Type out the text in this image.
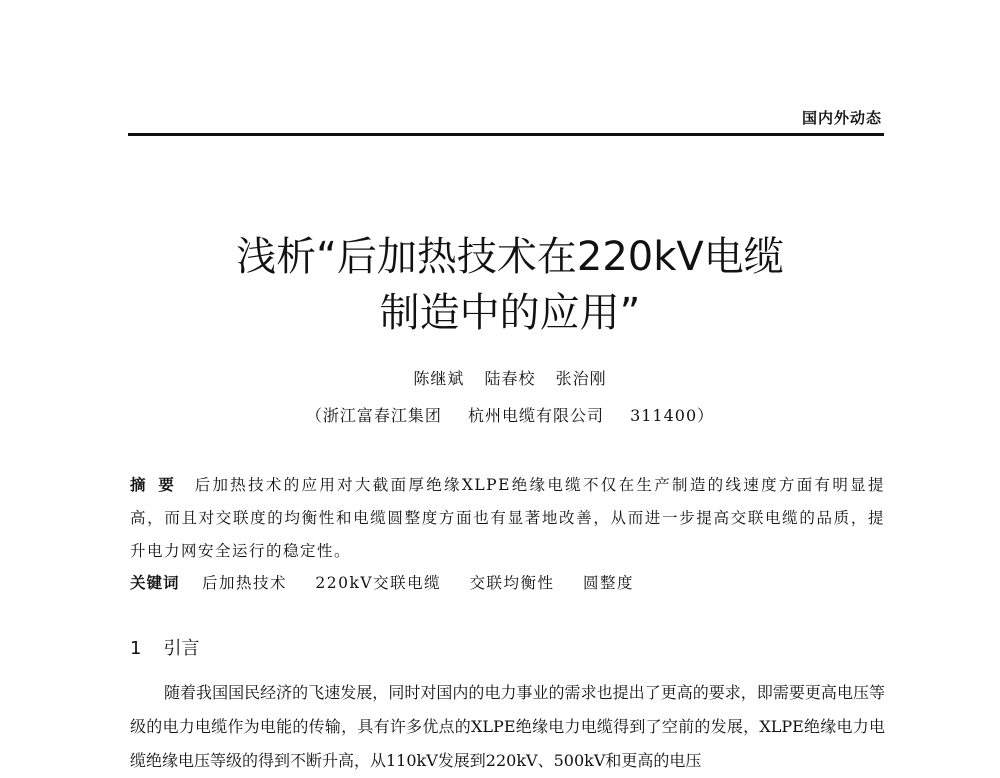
国内外动态
浅析“后加热技术在220kV电缆
制造中的应用”
陈继斌 陆春校 张治刚
（浙江富春江集团 杭州电缆有限公司 311400）
摘要 后加热技术的应用对大截面厚绝缘XLPE绝缘电缆不仅在生产制造的线速度方面有明显提高，而且对交联度的均衡性和电缆圆整度方面也有显著地改善，从而进一步提高交联电缆的品质，提升电力网安全运行的稳定性。
关键词 后加热技术 220kV交联电缆 交联均衡性 圆整度
1 引言
随着我国国民经济的飞速发展，同时对国内的电力事业的需求也提出了更高的要求，即需要更高电压等级的电力电缆作为电能的传输，具有许多优点的XLPE绝缘电力电缆得到了空前的发展，XLPE绝缘电力电缆绝缘电压等级的得到不断升高，从110kV发展到220kV、500kV和更高的电压
